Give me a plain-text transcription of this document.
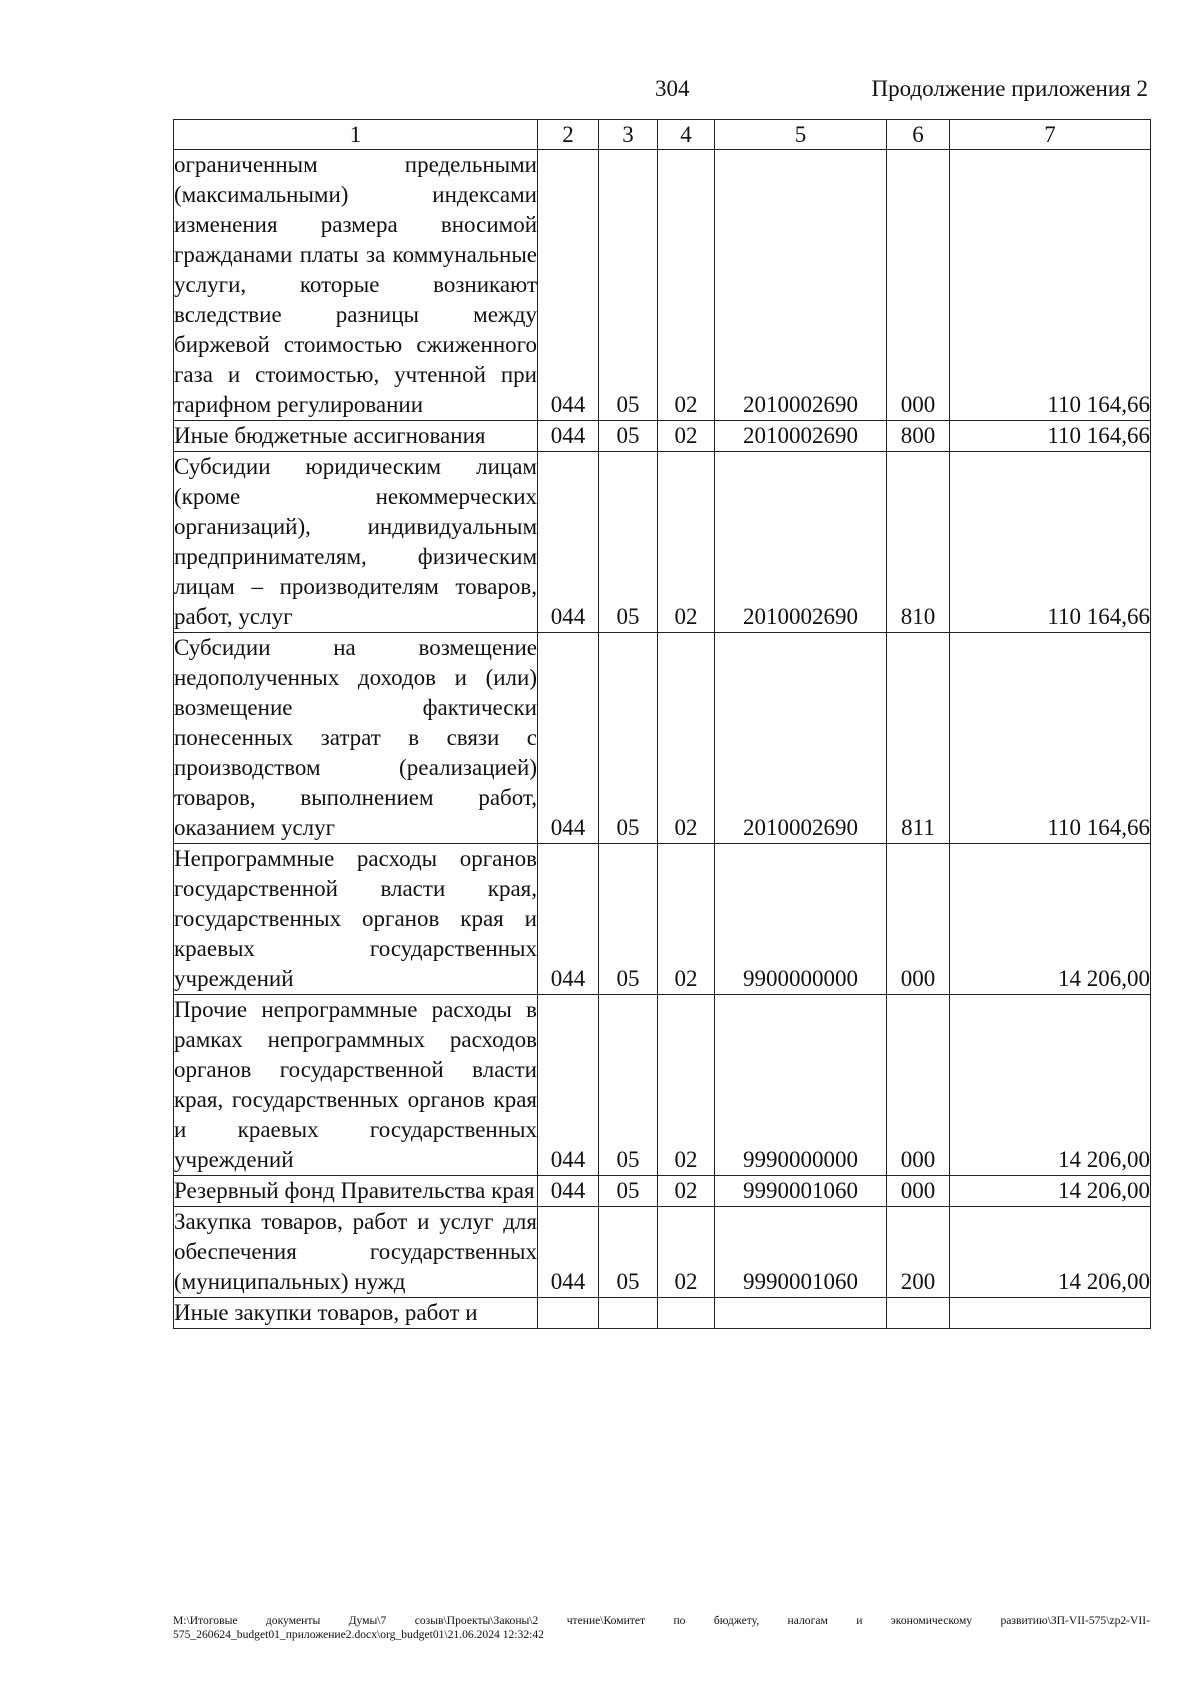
304	Продолжение приложения 2
1	2	3	4	5	6	7
ограниченным предельными (максимальными) индексами изменения размера вносимой гражданами платы за коммунальные услуги, которые возникают вследствие разницы между биржевой стоимостью сжиженного газа и стоимостью, учтенной при тарифном регулировании	044	05	02	2010002690	000	110 164,66
Иные бюджетные ассигнования	044	05	02	2010002690	800	110 164,66
Субсидии юридическим лицам (кроме некоммерческих организаций), индивидуальным предпринимателям, физическим лицам – производителям товаров, работ, услуг	044	05	02	2010002690	810	110 164,66
Субсидии на возмещение недополученных доходов и (или) возмещение фактически понесенных затрат в связи с производством (реализацией) товаров, выполнением работ, оказанием услуг	044	05	02	2010002690	811	110 164,66
Непрограммные расходы органов государственной власти края, государственных органов края и краевых государственных учреждений	044	05	02	9900000000	000	14 206,00
Прочие непрограммные расходы в рамках непрограммных расходов органов государственной власти края, государственных органов края и краевых государственных учреждений	044	05	02	9990000000	000	14 206,00
Резервный фонд Правительства края	044	05	02	9990001060	000	14 206,00
Закупка товаров, работ и услуг для обеспечения государственных (муниципальных) нужд	044	05	02	9990001060	200	14 206,00
Иные закупки товаров, работ и						
M:\Итоговые документы Думы\7 созыв\Проекты\Законы\2 чтение\Комитет по бюджету, налогам и экономическому развитию\ЗП-VII-575\zp2-VII-575_260624_budget01_приложение2.docx\org_budget01\21.06.2024 12:32:42
